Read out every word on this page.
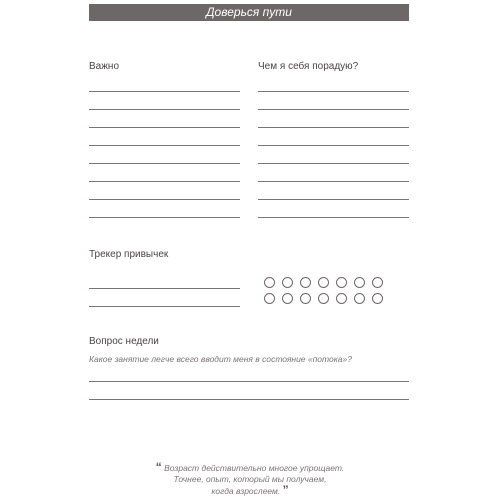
Доверься пути
Важно	Чем я себя порадую?
Трекер привычек
Вопрос недели
Какое занятие легче всего вводит меня в состояние «потока»?
“ Возраст действительно многое упрощает.
Точнее, опыт, который мы получаем,
когда взрослеем. ”
